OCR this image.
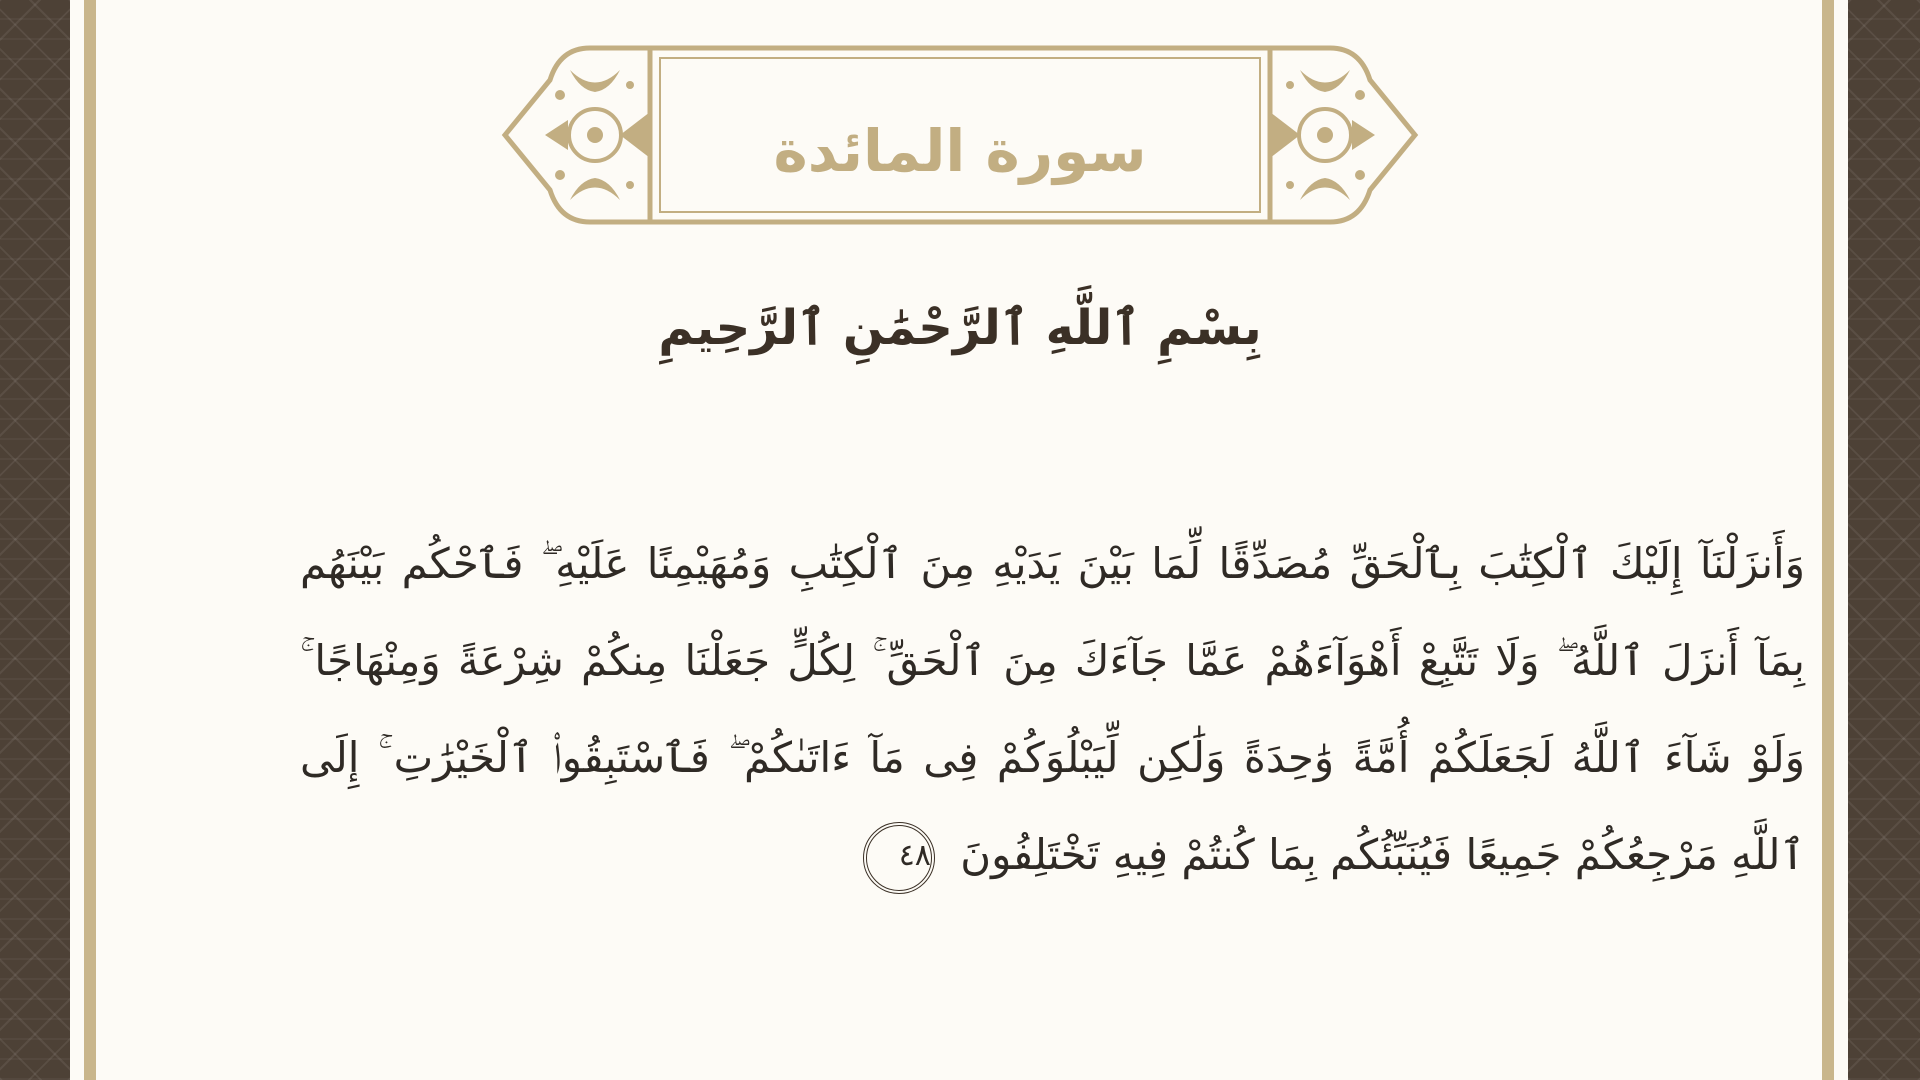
سورة المائدة
بِسْمِ ٱللَّهِ ٱلرَّحْمَٰنِ ٱلرَّحِيمِ
وَأَنزَلْنَآ إِلَيْكَ ٱلْكِتَٰبَ بِٱلْحَقِّ مُصَدِّقًا لِّمَا بَيْنَ يَدَيْهِ مِنَ ٱلْكِتَٰبِ وَمُهَيْمِنًا عَلَيْهِ ۖ فَٱحْكُم بَيْنَهُم بِمَآ أَنزَلَ ٱللَّهُ ۖ وَلَا تَتَّبِعْ أَهْوَآءَهُمْ عَمَّا جَآءَكَ مِنَ ٱلْحَقِّ ۚ لِكُلٍّ جَعَلْنَا مِنكُمْ شِرْعَةً وَمِنْهَاجًا ۚ وَلَوْ شَآءَ ٱللَّهُ لَجَعَلَكُمْ أُمَّةً وَٰحِدَةً وَلَٰكِن لِّيَبْلُوَكُمْ فِى مَآ ءَاتَىٰكُمْ ۖ فَٱسْتَبِقُوا۟ ٱلْخَيْرَٰتِ ۚ إِلَى ٱللَّهِ مَرْجِعُكُمْ جَمِيعًا فَيُنَبِّئُكُم بِمَا كُنتُمْ فِيهِ تَخْتَلِفُونَ ٤٨
